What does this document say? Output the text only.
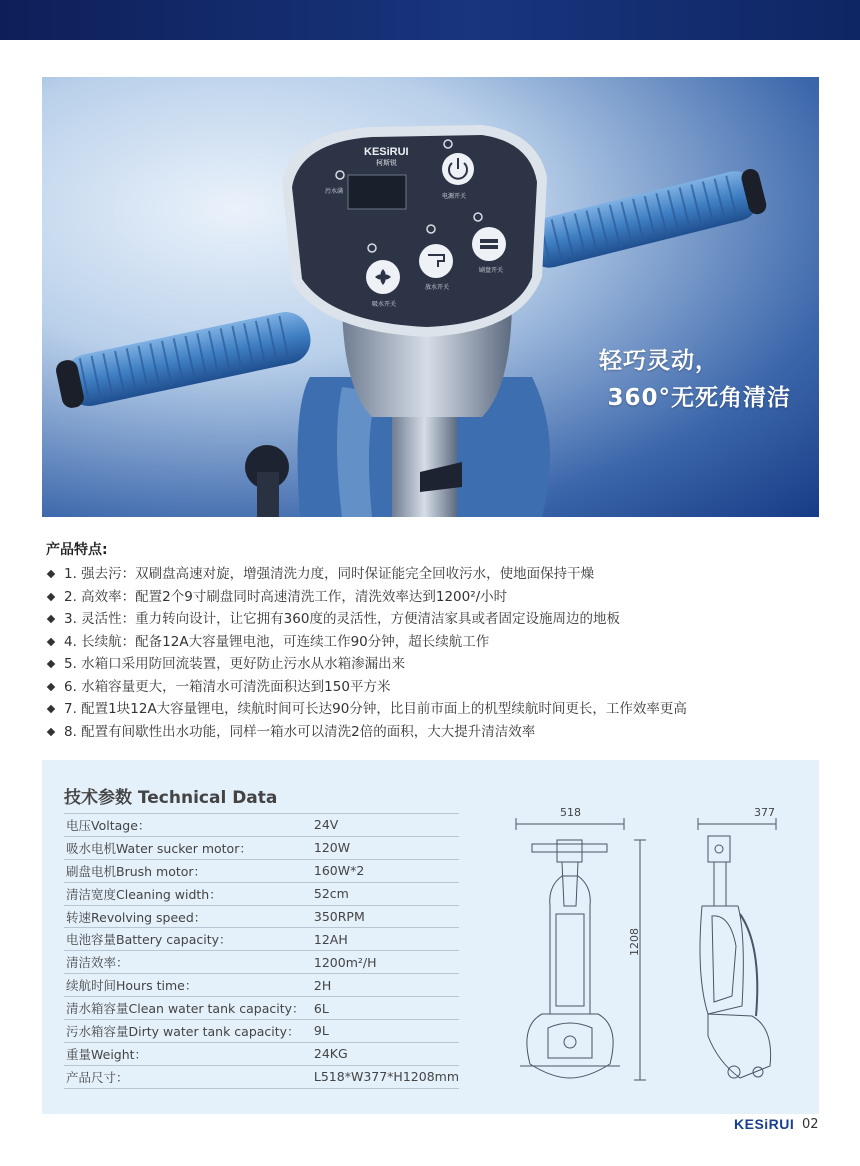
KESiRUI
柯斯锐
污水满
电源开关
吸水开关
放水开关
刷盘开关
轻巧灵动，
360°无死角清洁
产品特点:
1. 强去污：双刷盘高速对旋，增强清洗力度，同时保证能完全回收污水，使地面保持干燥
2. 高效率：配置2个9寸刷盘同时高速清洗工作，清洗效率达到1200²/小时
3. 灵活性：重力转向设计，让它拥有360度的灵活性，方便清洁家具或者固定设施周边的地板
4. 长续航：配备12A大容量锂电池，可连续工作90分钟，超长续航工作
5. 水箱口采用防回流装置，更好防止污水从水箱渗漏出来
6. 水箱容量更大，一箱清水可清洗面积达到150平方米
7. 配置1块12A大容量锂电，续航时间可长达90分钟，比目前市面上的机型续航时间更长，工作效率更高
8. 配置有间歇性出水功能，同样一箱水可以清洗2倍的面积，大大提升清洁效率
技术参数 Technical Data
电压Voltage：	24V
吸水电机Water sucker motor：	120W
刷盘电机Brush motor：	160W*2
清洁宽度Cleaning width：	52cm
转速Revolving speed：	350RPM
电池容量Battery capacity：	12AH
清洁效率：	1200m²/H
续航时间Hours time：	2H
清水箱容量Clean water tank capacity：	6L
污水箱容量Dirty water tank capacity：	9L
重量Weight：	24KG
产品尺寸：	L518*W377*H1208mm
518	377
1208
KESiRUI 02
